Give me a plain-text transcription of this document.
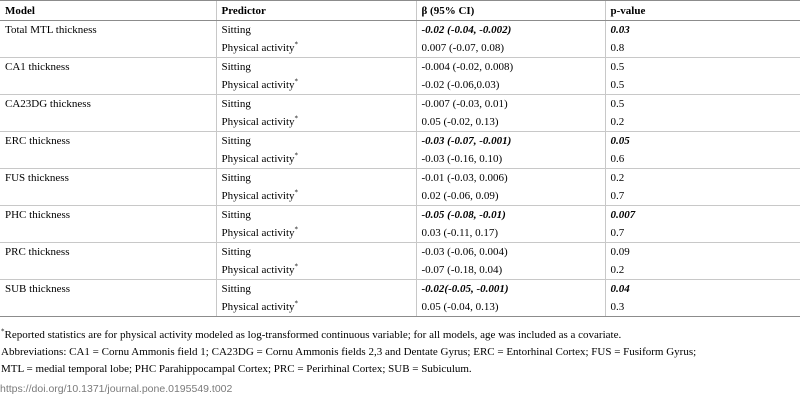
Model	Predictor	β (95% CI)	p-value
Total MTL thickness	Sitting	-0.02 (-0.04, -0.002)	0.03
	Physical activity*	0.007 (-0.07, 0.08)	0.8
CA1 thickness	Sitting	-0.004 (-0.02, 0.008)	0.5
	Physical activity*	-0.02 (-0.06,0.03)	0.5
CA23DG thickness	Sitting	-0.007 (-0.03, 0.01)	0.5
	Physical activity*	0.05 (-0.02, 0.13)	0.2
ERC thickness	Sitting	-0.03 (-0.07, -0.001)	0.05
	Physical activity*	-0.03 (-0.16, 0.10)	0.6
FUS thickness	Sitting	-0.01 (-0.03, 0.006)	0.2
	Physical activity*	0.02 (-0.06, 0.09)	0.7
PHC thickness	Sitting	-0.05 (-0.08, -0.01)	0.007
	Physical activity*	0.03 (-0.11, 0.17)	0.7
PRC thickness	Sitting	-0.03 (-0.06, 0.004)	0.09
	Physical activity*	-0.07 (-0.18, 0.04)	0.2
SUB thickness	Sitting	-0.02(-0.05, -0.001)	0.04
	Physical activity*	0.05 (-0.04, 0.13)	0.3

*Reported statistics are for physical activity modeled as log-transformed continuous variable; for all models, age was included as a covariate.

Abbreviations: CA1 = Cornu Ammonis field 1; CA23DG = Cornu Ammonis fields 2,3 and Dentate Gyrus; ERC = Entorhinal Cortex; FUS = Fusiform Gyrus;

MTL = medial temporal lobe; PHC Parahippocampal Cortex; PRC = Perirhinal Cortex; SUB = Subiculum.

https://doi.org/10.1371/journal.pone.0195549.t002
